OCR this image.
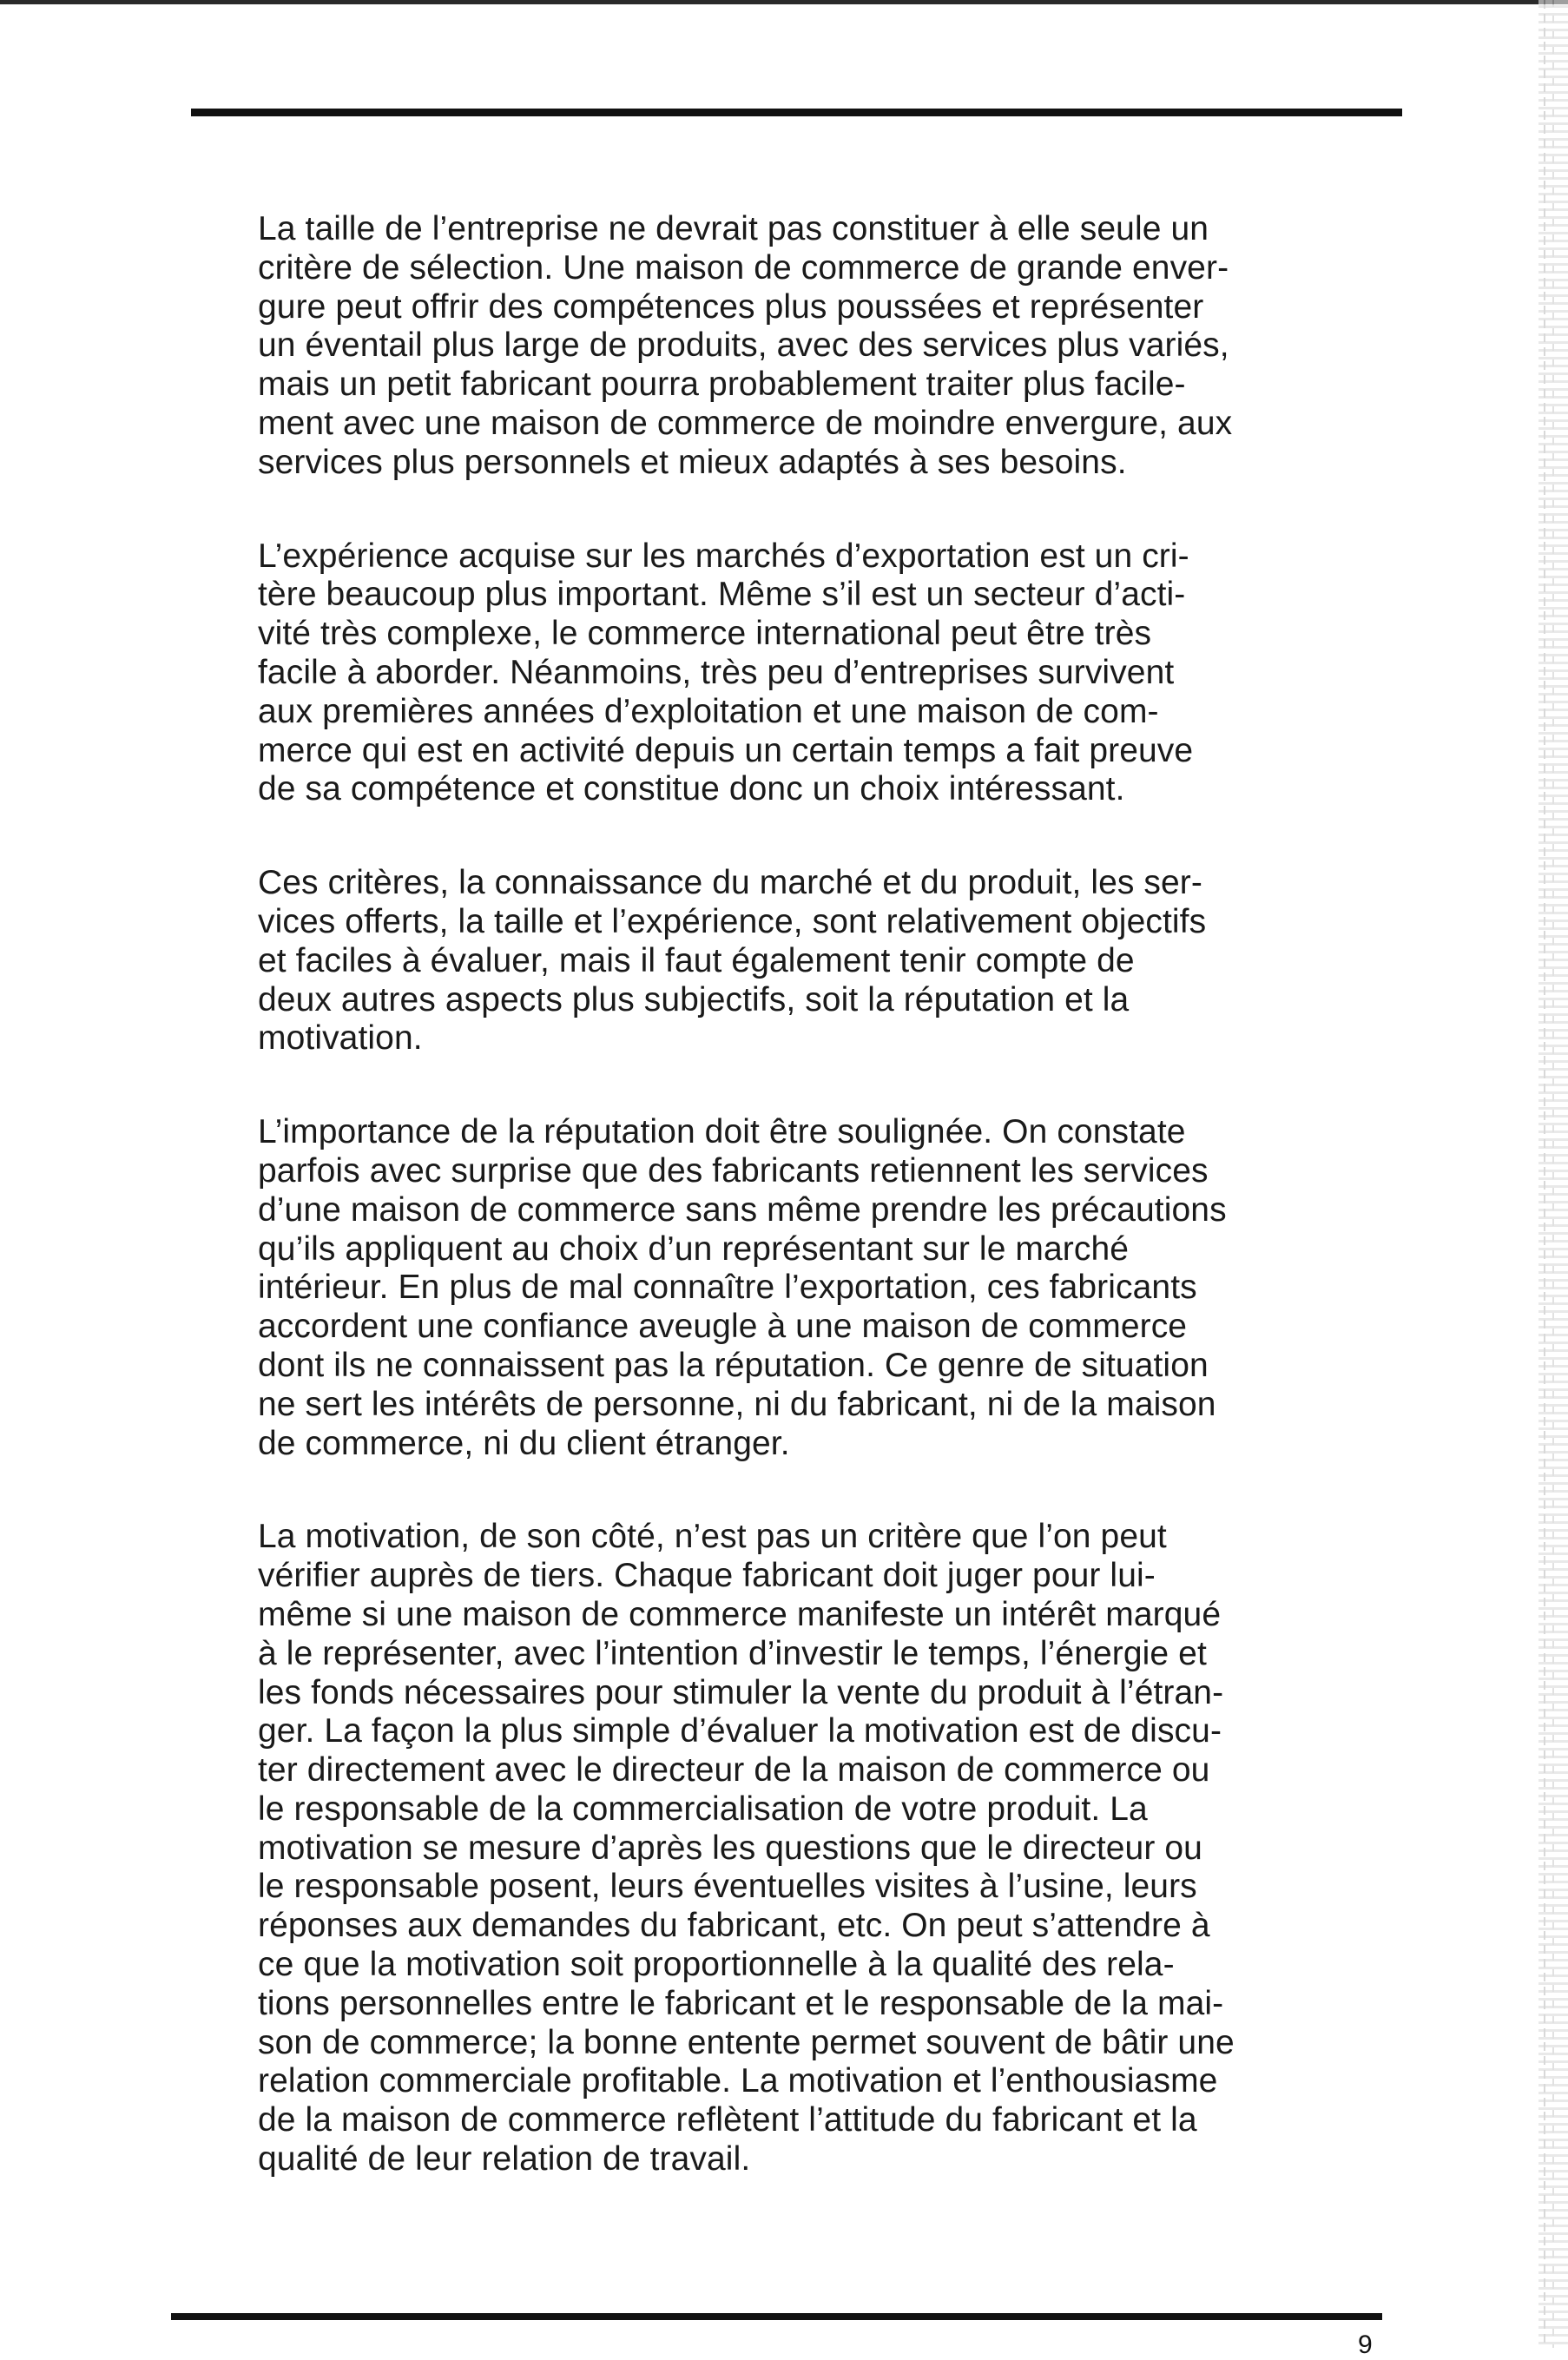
La taille de l’entreprise ne devrait pas constituer à elle seule un
critère de sélection. Une maison de commerce de grande enver-
gure peut offrir des compétences plus poussées et représenter
un éventail plus large de produits, avec des services plus variés,
mais un petit fabricant pourra probablement traiter plus facile-
ment avec une maison de commerce de moindre envergure, aux
services plus personnels et mieux adaptés à ses besoins.

L’expérience acquise sur les marchés d’exportation est un cri-
tère beaucoup plus important. Même s’il est un secteur d’acti-
vité très complexe, le commerce international peut être très
facile à aborder. Néanmoins, très peu d’entreprises survivent
aux premières années d’exploitation et une maison de com-
merce qui est en activité depuis un certain temps a fait preuve
de sa compétence et constitue donc un choix intéressant.

Ces critères, la connaissance du marché et du produit, les ser-
vices offerts, la taille et l’expérience, sont relativement objectifs
et faciles à évaluer, mais il faut également tenir compte de
deux autres aspects plus subjectifs, soit la réputation et la
motivation.

L’importance de la réputation doit être soulignée. On constate
parfois avec surprise que des fabricants retiennent les services
d’une maison de commerce sans même prendre les précautions
qu’ils appliquent au choix d’un représentant sur le marché
intérieur. En plus de mal connaître l’exportation, ces fabricants
accordent une confiance aveugle à une maison de commerce
dont ils ne connaissent pas la réputation. Ce genre de situation
ne sert les intérêts de personne, ni du fabricant, ni de la maison
de commerce, ni du client étranger.

La motivation, de son côté, n’est pas un critère que l’on peut
vérifier auprès de tiers. Chaque fabricant doit juger pour lui-
même si une maison de commerce manifeste un intérêt marqué
à le représenter, avec l’intention d’investir le temps, l’énergie et
les fonds nécessaires pour stimuler la vente du produit à l’étran-
ger. La façon la plus simple d’évaluer la motivation est de discu-
ter directement avec le directeur de la maison de commerce ou
le responsable de la commercialisation de votre produit. La
motivation se mesure d’après les questions que le directeur ou
le responsable posent, leurs éventuelles visites à l’usine, leurs
réponses aux demandes du fabricant, etc. On peut s’attendre à
ce que la motivation soit proportionnelle à la qualité des rela-
tions personnelles entre le fabricant et le responsable de la mai-
son de commerce; la bonne entente permet souvent de bâtir une
relation commerciale profitable. La motivation et l’enthousiasme
de la maison de commerce reflètent l’attitude du fabricant et la
qualité de leur relation de travail.

9
